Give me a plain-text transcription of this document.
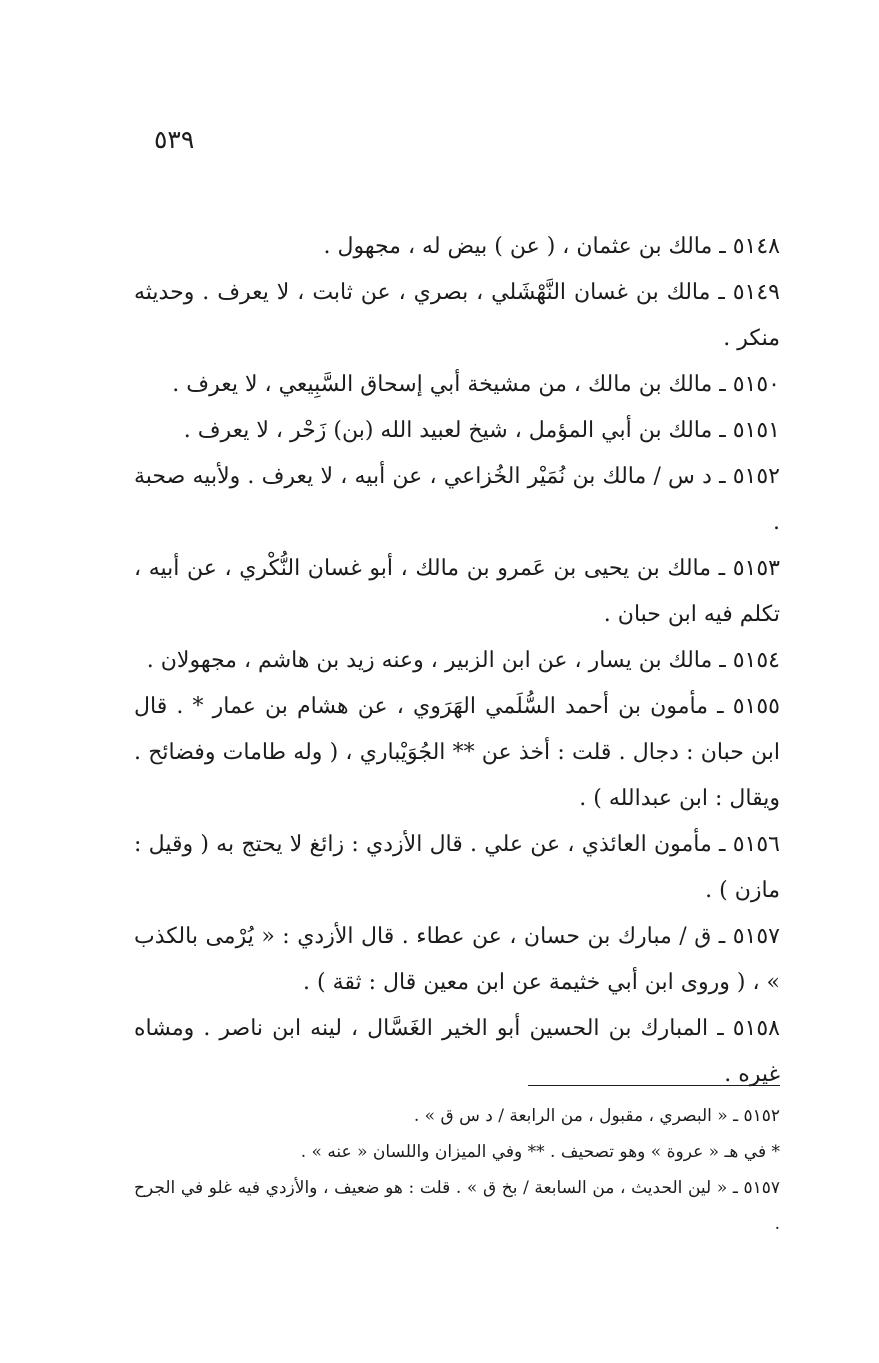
٥٣٩

٥١٤٨ ـ مالك بن عثمان ، ( عن ) بيض له ، مجهول .

٥١٤٩ ـ مالك بن غسان النَّهْشَلي ، بصري ، عن ثابت ، لا يعرف . وحديثه منكر .

٥١٥٠ ـ مالك بن مالك ، من مشيخة أبي إسحاق السَّبِيعي ، لا يعرف .

٥١٥١ ـ مالك بن أبي المؤمل ، شيخ لعبيد الله (بن) زَحْر ، لا يعرف .

٥١٥٢ ـ د س / مالك بن نُمَيْر الخُزاعي ، عن أبيه ، لا يعرف . ولأبيه صحبة .

٥١٥٣ ـ مالك بن يحيى بن عَمرو بن مالك ، أبو غسان النُّكْري ، عن أبيه ، تكلم فيه ابن حبان .

٥١٥٤ ـ مالك بن يسار ، عن ابن الزبير ، وعنه زيد بن هاشم ، مجهولان .

٥١٥٥ ـ مأمون بن أحمد السُّلَمي الهَرَوي ، عن هشام بن عمار * . قال ابن حبان : دجال . قلت : أخذ عن ** الجُوَيْباري ، ( وله طامات وفضائح . ويقال : ابن عبدالله ) .

٥١٥٦ ـ مأمون العائذي ، عن علي . قال الأزدي : زائغ لا يحتج به ( وقيل : مازن ) .

٥١٥٧ ـ ق / مبارك بن حسان ، عن عطاء . قال الأزدي : « يُرْمى بالكذب » ، ( وروى ابن أبي خثيمة عن ابن معين قال : ثقة ) .

٥١٥٨ ـ المبارك بن الحسين أبو الخير الغَسَّال ، لينه ابن ناصر . ومشاه غيره .

٥١٥٢ ـ « البصري ، مقبول ، من الرابعة / د س ق » .

* في هـ « عروة » وهو تصحيف . ** وفي الميزان واللسان « عنه » .

٥١٥٧ ـ « لين الحديث ، من السابعة / بخ ق » . قلت : هو ضعيف ، والأزدي فيه غلو في الجرح .
